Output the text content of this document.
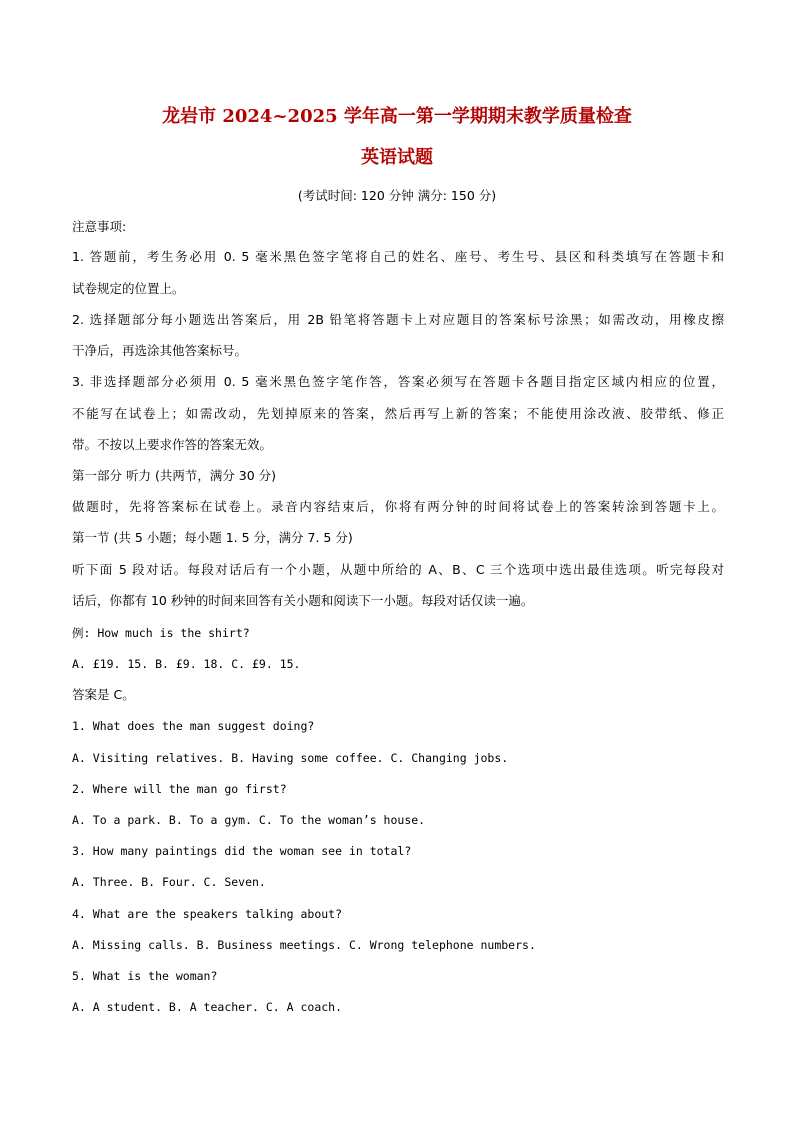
龙岩市 2024~2025 学年高一第一学期期末教学质量检查
英语试题
(考试时间: 120 分钟 满分: 150 分)
注意事项:
1. 答题前，考生务必用 0. 5 毫米黑色签字笔将自己的姓名、座号、考生号、县区和科类填写在答题卡和
试卷规定的位置上。
2. 选择题部分每小题选出答案后，用 2B 铅笔将答题卡上对应题目的答案标号涂黑；如需改动，用橡皮擦
干净后，再选涂其他答案标号。
3. 非选择题部分必须用 0. 5 毫米黑色签字笔作答，答案必须写在答题卡各题目指定区域内相应的位置，
不能写在试卷上；如需改动，先划掉原来的答案，然后再写上新的答案；不能使用涂改液、胶带纸、修正
带。不按以上要求作答的答案无效。
第一部分 听力 (共两节，满分 30 分)
做题时，先将答案标在试卷上。录音内容结束后，你将有两分钟的时间将试卷上的答案转涂到答题卡上。
第一节 (共 5 小题；每小题 1. 5 分，满分 7. 5 分)
听下面 5 段对话。每段对话后有一个小题，从题中所给的 A、B、C 三个选项中选出最佳选项。听完每段对
话后，你都有 10 秒钟的时间来回答有关小题和阅读下一小题。每段对话仅读一遍。
例: How much is the shirt?
A. £19. 15. B. £9. 18. C. £9. 15.
答案是 C。
1. What does the man suggest doing?
A. Visiting relatives. B. Having some coffee. C. Changing jobs.
2. Where will the man go first?
A. To a park. B. To a gym. C. To the woman’s house.
3. How many paintings did the woman see in total?
A. Three. B. Four. C. Seven.
4. What are the speakers talking about?
A. Missing calls. B. Business meetings. C. Wrong telephone numbers.
5. What is the woman?
A. A student. B. A teacher. C. A coach.
